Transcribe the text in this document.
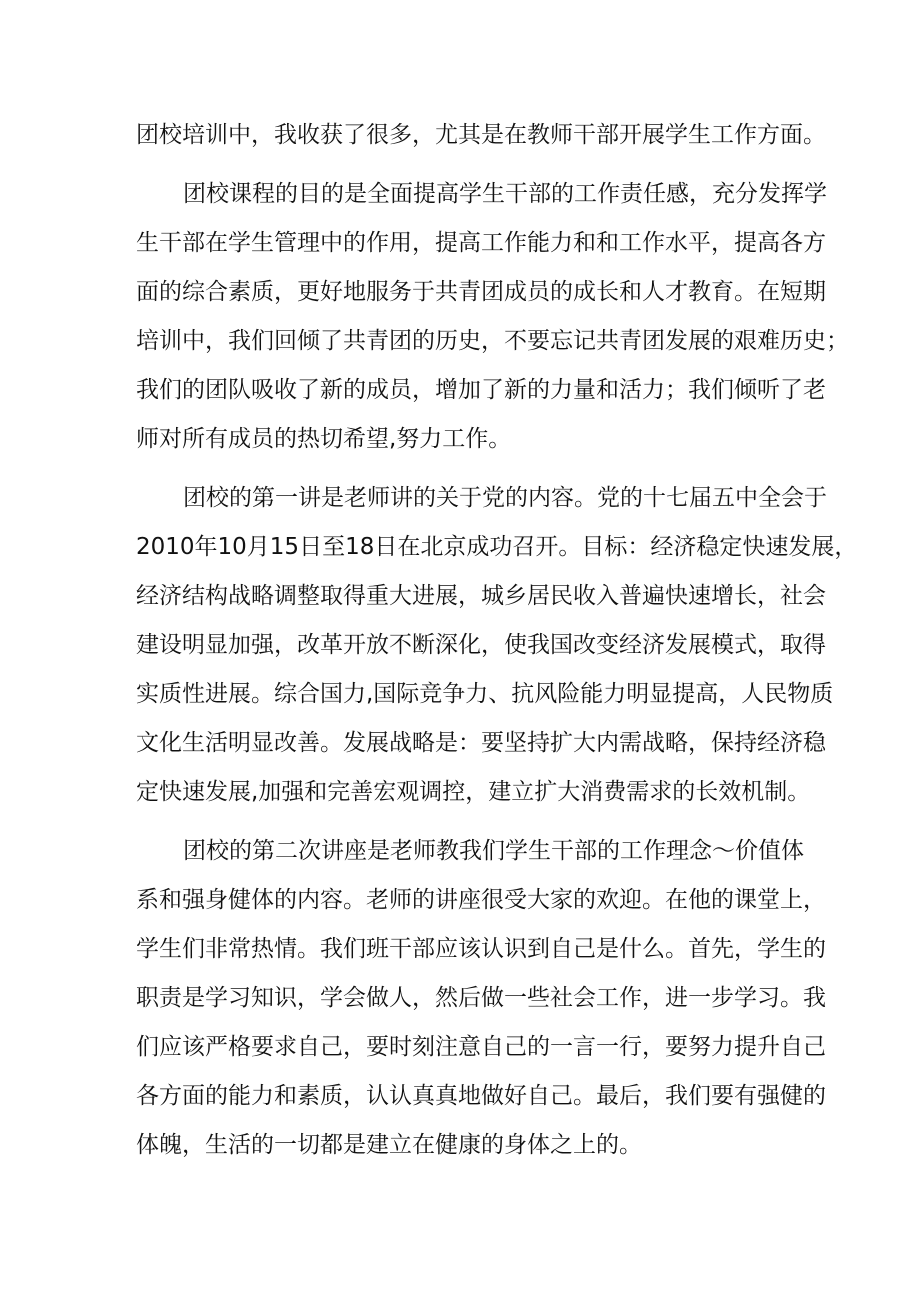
团校培训中，我收获了很多，尤其是在教师干部开展学生工作方面。

团校课程的目的是全面提高学生干部的工作责任感，充分发挥学

生干部在学生管理中的作用，提高工作能力和和工作水平，提高各方

面的综合素质，更好地服务于共青团成员的成长和人才教育。在短期

培训中，我们回倾了共青团的历史，不要忘记共青团发展的艰难历史；

我们的团队吸收了新的成员，增加了新的力量和活力；我们倾听了老

师对所有成员的热切希望,努力工作。

团校的第一讲是老师讲的关于党的内容。党的十七届五中全会于

2010年10月15日至18日在北京成功召开。目标：经济稳定快速发展，

经济结构战略调整取得重大进展，城乡居民收入普遍快速增长，社会

建设明显加强，改革开放不断深化，使我国改变经济发展模式，取得

实质性进展。综合国力,国际竞争力、抗风险能力明显提高，人民物质

文化生活明显改善。发展战略是：要坚持扩大内需战略，保持经济稳

定快速发展,加强和完善宏观调控，建立扩大消费需求的长效机制。

团校的第二次讲座是老师教我们学生干部的工作理念〜价值体

系和强身健体的内容。老师的讲座很受大家的欢迎。在他的课堂上，

学生们非常热情。我们班干部应该认识到自己是什么。首先，学生的

职责是学习知识，学会做人，然后做一些社会工作，进一步学习。我

们应该严格要求自己，要时刻注意自己的一言一行，要努力提升自己

各方面的能力和素质，认认真真地做好自己。最后，我们要有强健的

体魄，生活的一切都是建立在健康的身体之上的。
